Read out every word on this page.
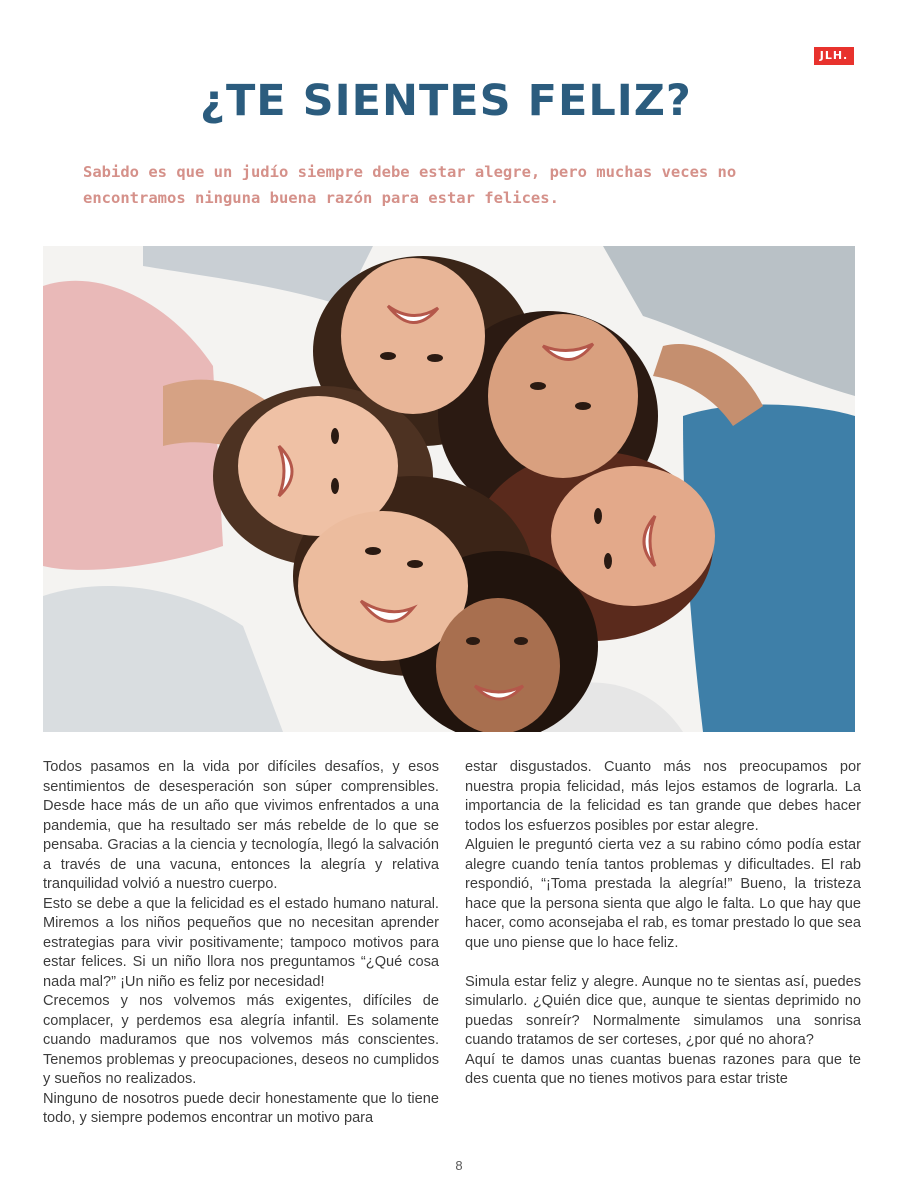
JLH.
¿TE SIENTES FELIZ?

Sabido es que un judío siempre debe estar alegre, pero muchas veces no encontramos ninguna buena razón para estar felices.

Todos pasamos en la vida por difíciles desafíos, y esos sentimientos de desesperación son súper comprensibles. Desde hace más de un año que vivimos enfrentados a una pandemia, que ha resultado ser más rebelde de lo que se pensaba. Gracias a la ciencia y tecnología, llegó la salvación a través de una vacuna, entonces la alegría y relativa tranquilidad volvió a nuestro cuerpo.

Esto se debe a que la felicidad es el estado humano natural. Miremos a los niños pequeños que no necesitan aprender estrategias para vivir positivamente; tampoco motivos para estar felices. Si un niño llora nos preguntamos “¿Qué cosa nada mal?” ¡Un niño es feliz por necesidad!

Crecemos y nos volvemos más exigentes, difíciles de complacer, y perdemos esa alegría infantil. Es solamente cuando maduramos que nos volvemos más conscientes. Tenemos problemas y preocupaciones, deseos no cumplidos y sueños no realizados.

Ninguno de nosotros puede decir honestamente que lo tiene todo, y siempre podemos encontrar un motivo para

estar disgustados. Cuanto más nos preocupamos por nuestra propia felicidad, más lejos estamos de lograrla. La importancia de la felicidad es tan grande que debes hacer todos los esfuerzos posibles por estar alegre.

Alguien le preguntó cierta vez a su rabino cómo podía estar alegre cuando tenía tantos problemas y dificultades. El rab respondió, “¡Toma prestada la alegría!” Bueno, la tristeza hace que la persona sienta que algo le falta. Lo que hay que hacer, como aconsejaba el rab, es tomar prestado lo que sea que uno piense que lo hace feliz.

Simula estar feliz y alegre. Aunque no te sientas así, puedes simularlo. ¿Quién dice que, aunque te sientas deprimido no puedas sonreír? Normalmente simulamos una sonrisa cuando tratamos de ser corteses, ¿por qué no ahora?

Aquí te damos unas cuantas buenas razones para que te des cuenta que no tienes motivos para estar triste

8
